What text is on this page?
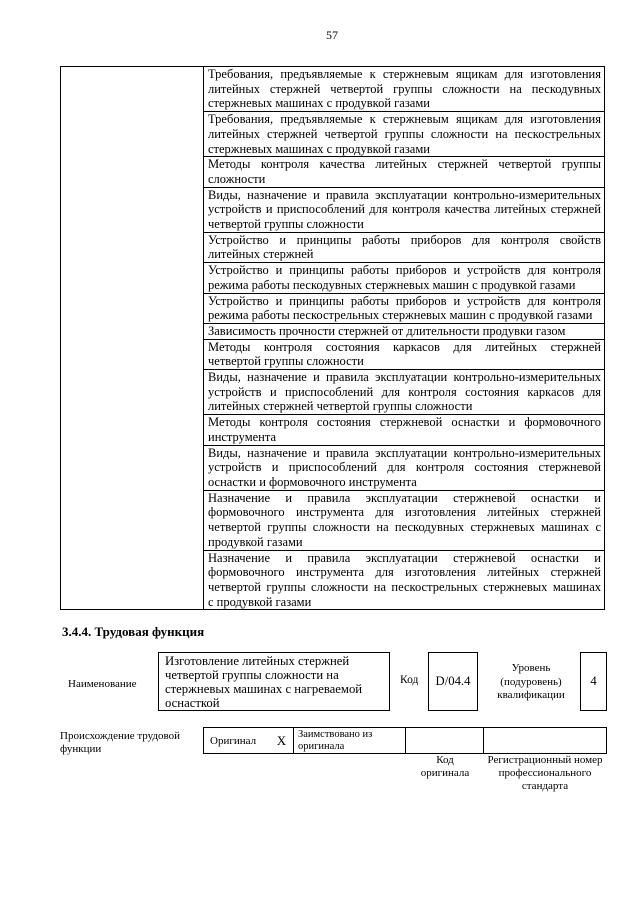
57
Требования, предъявляемые к стержневым ящикам для изготовления
литейных стержней четвертой группы сложности на пескодувных
стержневых машинах с продувкой газами
Требования, предъявляемые к стержневым ящикам для изготовления
литейных стержней четвертой группы сложности на пескострельных
стержневых машинах с продувкой газами
Методы контроля качества литейных стержней четвертой группы
сложности
Виды, назначение и правила эксплуатации контрольно-измерительных
устройств и приспособлений для контроля качества литейных стержней
четвертой группы сложности
Устройство и принципы работы приборов для контроля свойств
литейных стержней
Устройство и принципы работы приборов и устройств для контроля
режима работы пескодувных стержневых машин с продувкой газами
Устройство и принципы работы приборов и устройств для контроля
режима работы пескострельных стержневых машин с продувкой газами
Зависимость прочности стержней от длительности продувки газом
Методы контроля состояния каркасов для литейных стержней
четвертой группы сложности
Виды, назначение и правила эксплуатации контрольно-измерительных
устройств и приспособлений для контроля состояния каркасов для
литейных стержней четвертой группы сложности
Методы контроля состояния стержневой оснастки и формовочного
инструмента
Виды, назначение и правила эксплуатации контрольно-измерительных
устройств и приспособлений для контроля состояния стержневой
оснастки и формовочного инструмента
Назначение и правила эксплуатации стержневой оснастки и
формовочного инструмента для изготовления литейных стержней
четвертой группы сложности на пескодувных стержневых машинах с
продувкой газами
Назначение и правила эксплуатации стержневой оснастки и
формовочного инструмента для изготовления литейных стержней
четвертой группы сложности на пескострельных стержневых машинах
с продувкой газами
3.4.4. Трудовая функция
Наименование
Изготовление литейных стержней четвертой группы сложности на стержневых машинах с нагреваемой оснасткой
Код D/04.4
Уровень (подуровень) квалификации
4
Происхождение трудовой функции
Оригинал X Заимствовано из оригинала
Код оригинала
Регистрационный номер профессионального стандарта
